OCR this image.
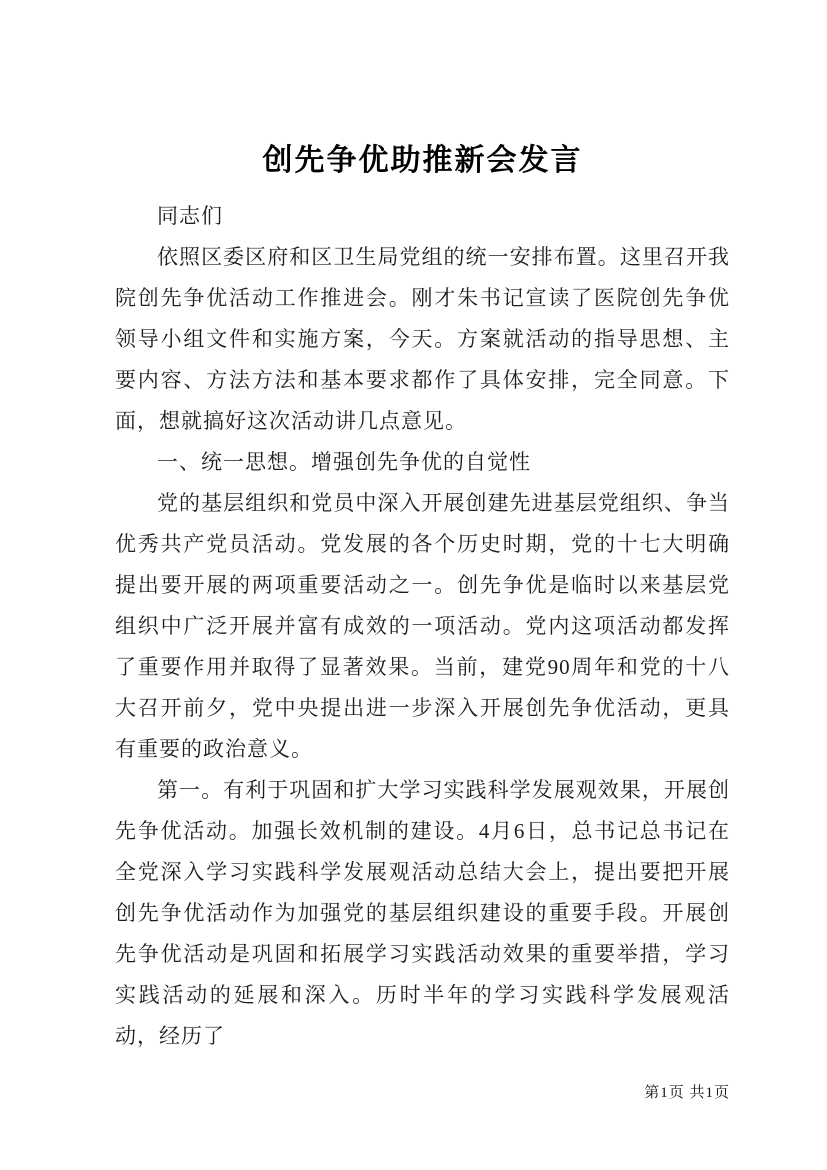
创先争优助推新会发言

同志们

依照区委区府和区卫生局党组的统一安排布置。这里召开我院创先争优活动工作推进会。刚才朱书记宣读了医院创先争优领导小组文件和实施方案，今天。方案就活动的指导思想、主要内容、方法方法和基本要求都作了具体安排，完全同意。下面，想就搞好这次活动讲几点意见。

一、统一思想。增强创先争优的自觉性

党的基层组织和党员中深入开展创建先进基层党组织、争当优秀共产党员活动。党发展的各个历史时期，党的十七大明确提出要开展的两项重要活动之一。创先争优是临时以来基层党组织中广泛开展并富有成效的一项活动。党内这项活动都发挥了重要作用并取得了显著效果。当前，建党90周年和党的十八大召开前夕，党中央提出进一步深入开展创先争优活动，更具有重要的政治意义。

第一。有利于巩固和扩大学习实践科学发展观效果，开展创先争优活动。加强长效机制的建设。4月6日，总书记总书记在全党深入学习实践科学发展观活动总结大会上，提出要把开展创先争优活动作为加强党的基层组织建设的重要手段。开展创先争优活动是巩固和拓展学习实践活动效果的重要举措，学习实践活动的延展和深入。历时半年的学习实践科学发展观活动，经历了

第1页 共1页
